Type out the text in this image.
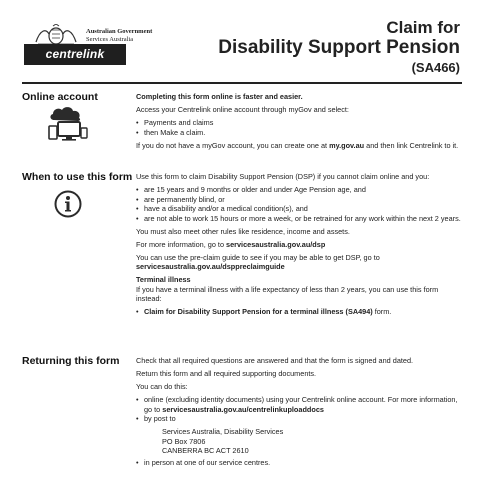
Australian Government
Services Australia
centrelink
Claim for
Disability Support Pension
(SA466)
Online account	Completing this form online is faster and easier.

Access your Centrelink online account through myGov and select:

• Payments and claims
• then Make a claim.

If you do not have a myGov account, you can create one at my.gov.au and then link Centrelink to it.

When to use this form Use this form to claim Disability Support Pension (DSP) if you cannot claim online and you:

• are 15 years and 9 months or older and under Age Pension age, and
• are permanently blind, or
• have a disability and/or a medical condition(s), and
• are not able to work 15 hours or more a week, or be retrained for any work within the next 2 years.

You must also meet other rules like residence, income and assets.

For more information, go to servicesaustralia.gov.au/dsp

You can use the pre-claim guide to see if you may be able to get DSP, go to
servicesaustralia.gov.au/dsppreclaimguide

Terminal illness

If you have a terminal illness with a life expectancy of less than 2 years, you can use this form instead:

• Claim for Disability Support Pension for a terminal illness (SA494) form.
Returning this form Check that all required questions are answered and that the form is signed and dated.

Return this form and all required supporting documents.

You can do this:

• online (excluding identity documents) using your Centrelink online account. For more information, go to servicesaustralia.gov.au/centrelinkuploaddocs
• by post to
Services Australia, Disability Services
PO Box 7806
CANBERRA BC ACT 2610
• in person at one of our service centres.
